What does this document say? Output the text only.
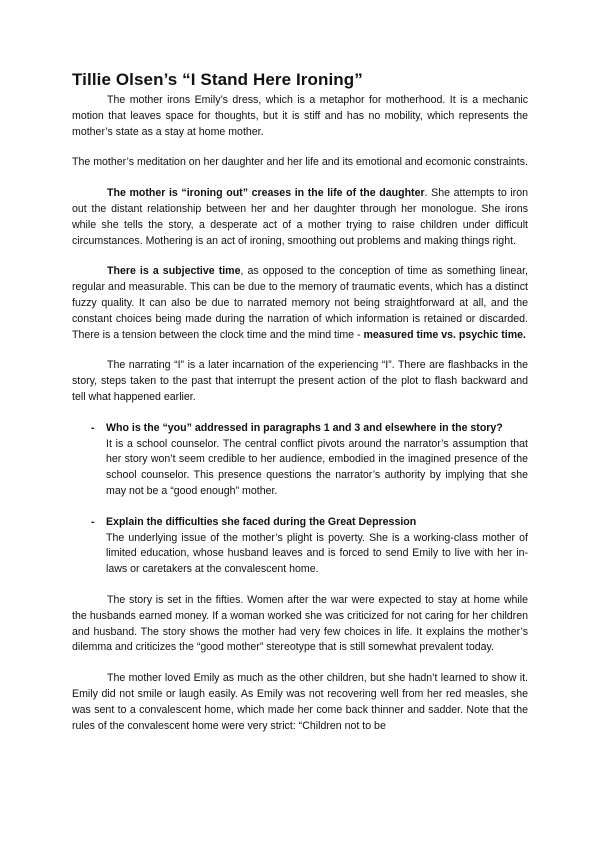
Tillie Olsen’s “I Stand Here Ironing”

The mother irons Emily’s dress, which is a metaphor for motherhood. It is a mechanic motion that leaves space for thoughts, but it is stiff and has no mobility, which represents the mother’s state as a stay at home mother.

The mother’s meditation on her daughter and her life and its emotional and ecomonic constraints.

The mother is “ironing out” creases in the life of the daughter. She attempts to iron out the distant relationship between her and her daughter through her monologue. She irons while she tells the story, a desperate act of a mother trying to raise children under difficult circumstances. Mothering is an act of ironing, smoothing out problems and making things right.

There is a subjective time, as opposed to the conception of time as something linear, regular and measurable. This can be due to the memory of traumatic events, which has a distinct fuzzy quality. It can also be due to narrated memory not being straightforward at all, and the constant choices being made during the narration of which information is retained or discarded. There is a tension between the clock time and the mind time - measured time vs. psychic time.

The narrating “I” is a later incarnation of the experiencing “I”. There are flashbacks in the story, steps taken to the past that interrupt the present action of the plot to flash backward and tell what happened earlier.

- Who is the “you” addressed in paragraphs 1 and 3 and elsewhere in the story?
It is a school counselor. The central conflict pivots around the narrator’s assumption that her story won’t seem credible to her audience, embodied in the imagined presence of the school counselor. This presence questions the narrator’s authority by implying that she may not be a “good enough” mother.
- Explain the difficulties she faced during the Great Depression
The underlying issue of the mother’s plight is poverty. She is a working-class mother of limited education, whose husband leaves and is forced to send Emily to live with her in-laws or caretakers at the convalescent home.

The story is set in the fifties. Women after the war were expected to stay at home while the husbands earned money. If a woman worked she was criticized for not caring for her children and husband. The story shows the mother had very few choices in life. It explains the mother’s dilemma and criticizes the “good mother” stereotype that is still somewhat prevalent today.

The mother loved Emily as much as the other children, but she hadn’t learned to show it. Emily did not smile or laugh easily. As Emily was not recovering well from her red measles, she was sent to a convalescent home, which made her come back thinner and sadder. Note that the rules of the convalescent home were very strict: “Children not to be
